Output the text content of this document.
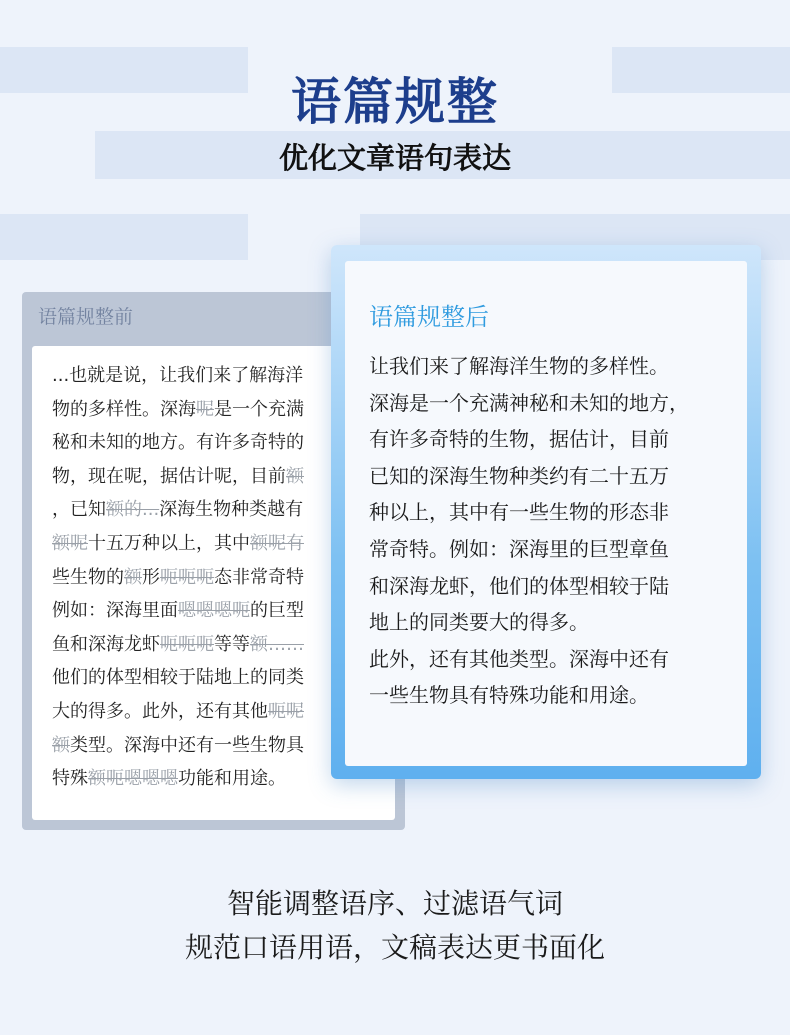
语篇规整
优化文章语句表达
语篇规整前
...也就是说，让我们来了解海洋
物的多样性。深海呢是一个充满
秘和未知的地方。有许多奇特的
物，现在呢，据估计呢，目前额
，已知额的...深海生物种类越有
额呢十五万种以上，其中额呢有
些生物的额形呃呃呃态非常奇特
例如：深海里面嗯嗯嗯呃的巨型
鱼和深海龙虾呃呃呃等等额……
他们的体型相较于陆地上的同类
大的得多。此外，还有其他呃呢
额类型。深海中还有一些生物具
特殊额呃嗯嗯嗯功能和用途。
语篇规整后
让我们来了解海洋生物的多样性。
深海是一个充满神秘和未知的地方，
有许多奇特的生物，据估计，目前
已知的深海生物种类约有二十五万
种以上，其中有一些生物的形态非
常奇特。例如：深海里的巨型章鱼
和深海龙虾，他们的体型相较于陆
地上的同类要大的得多。
此外，还有其他类型。深海中还有
一些生物具有特殊功能和用途。
智能调整语序、过滤语气词
规范口语用语，文稿表达更书面化
